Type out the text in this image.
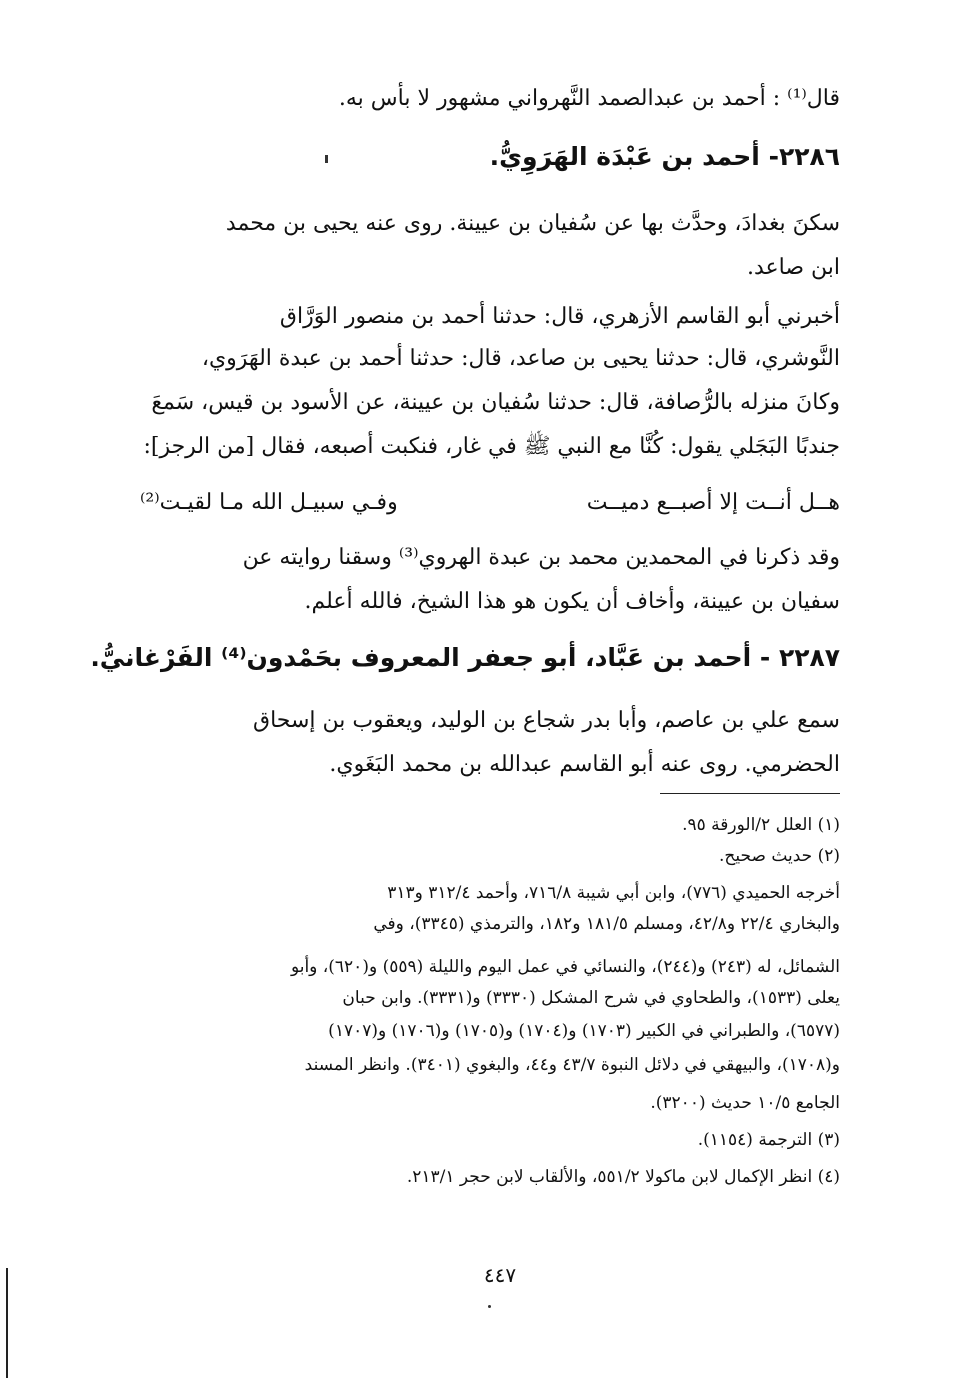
قال⁽¹⁾ : أحمد بن عبدالصمد النَّهرواني مشهور لا بأس به.
٢٢٨٦- أحمد بن عَبْدَة الهَرَوِيُّ.
سكنَ بغدادَ، وحدَّث بها عن سُفيان بن عيينة. روى عنه يحيى بن محمد
ابن صاعد.
أخبرني أبو القاسم الأزهري، قال: حدثنا أحمد بن منصور الوَرَّاق
النَّوشري، قال: حدثنا يحيى بن صاعد، قال: حدثنا أحمد بن عبدة الهَرَوي،
وكانَ منزله بالرُّصافة، قال: حدثنا سُفيان بن عيينة، عن الأسود بن قيس، سَمعَ
جندبًا البَجَلي يقول: كُنَّا مع النبي ﷺ في غار، فنكبت أصبعه، فقال [من الرجز]:
هــل أنــت إلا أصبــع دميــت
وفـي سبيـل الله مـا لقيـت⁽²⁾
وقد ذكرنا في المحمدين محمد بن عبدة الهروي⁽³⁾ وسقنا روايته عن
سفيان بن عيينة، وأخاف أن يكون هو هذا الشيخ، فالله أعلم.
٢٢٨٧ - أحمد بن عَبَّاد، أبو جعفر المعروف بحَمْدون⁽⁴⁾ الفَرْغانيُّ.
سمع علي بن عاصم، وأبا بدر شجاع بن الوليد، ويعقوب بن إسحاق
الحضرمي. روى عنه أبو القاسم عبدالله بن محمد البَغَوي.
(١) العلل ٢/الورقة ٩٥.
(٢) حديث صحيح.
أخرجه الحميدي (٧٧٦)، وابن أبي شيبة ٧١٦/٨، وأحمد ٣١٢/٤ و٣١٣
والبخاري ٢٢/٤ و٤٢/٨، ومسلم ١٨١/٥ و١٨٢، والترمذي (٣٣٤٥)، وفي
الشمائل، له (٢٤٣) و(٢٤٤)، والنسائي في عمل اليوم والليلة (٥٥٩) و(٦٢٠)، وأبو
يعلى (١٥٣٣)، والطحاوي في شرح المشكل (٣٣٣٠) و(٣٣٣١). وابن حبان
(٦٥٧٧)، والطبراني في الكبير (١٧٠٣) و(١٧٠٤) و(١٧٠٥) و(١٧٠٦) و(١٧٠٧)
و(١٧٠٨)، والبيهقي في دلائل النبوة ٤٣/٧ و٤٤، والبغوي (٣٤٠١). وانظر المسند
الجامع ١٠/٥ حديث (٣٢٠٠).
(٣) الترجمة (١١٥٤).
(٤) انظر الإكمال لابن ماكولا ٥٥١/٢، والألقاب لابن حجر ٢١٣/١.
٤٤٧
